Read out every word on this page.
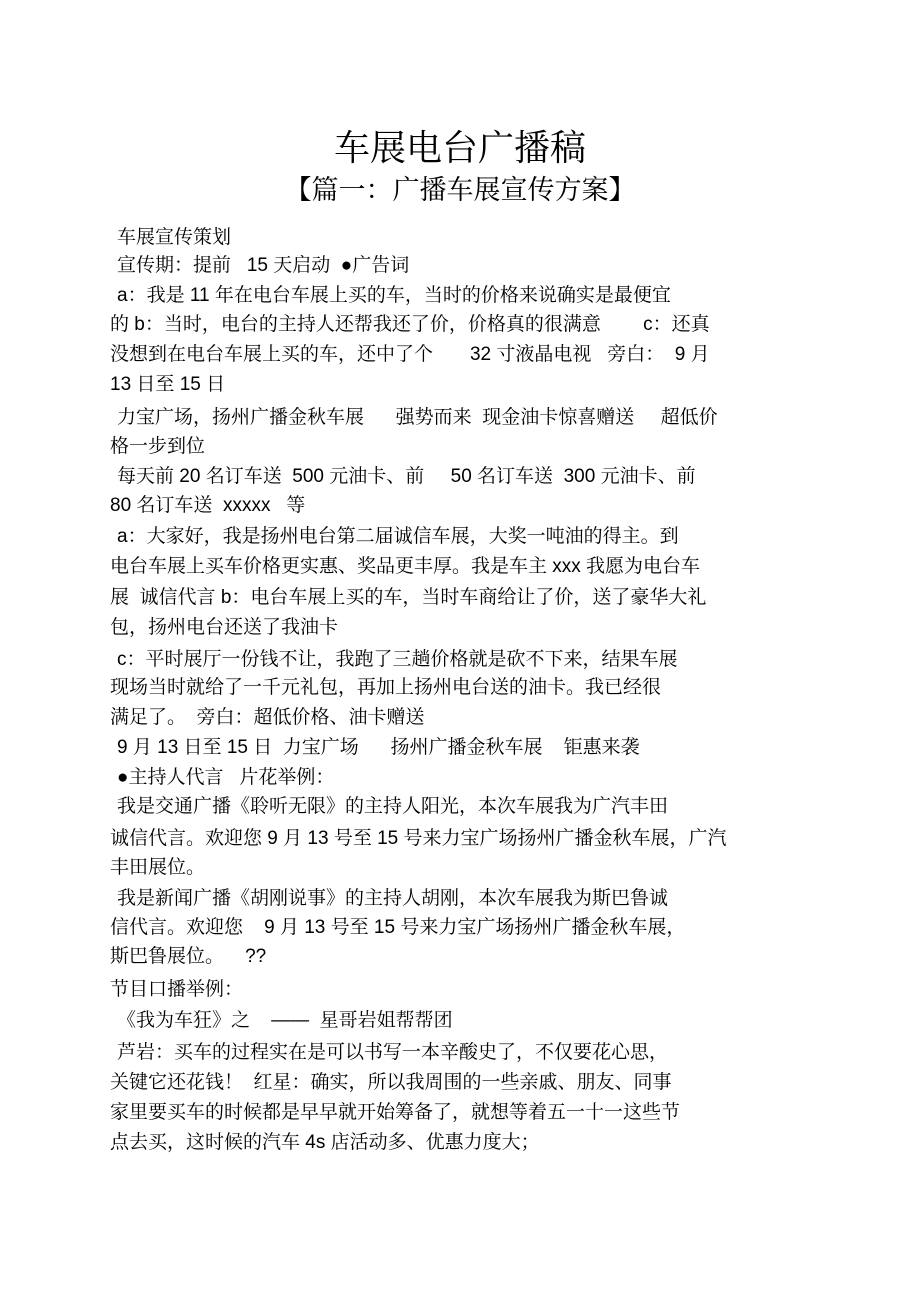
车展电台广播稿
【篇一：广播车展宣传方案】
车展宣传策划
宣传期：提前   15 天启动  ●广告词
a：我是 11 年在电台车展上买的车，当时的价格来说确实是最便宜
的 b：当时，电台的主持人还帮我还了价，价格真的很满意        c：还真
没想到在电台车展上买的车，还中了个       32 寸液晶电视   旁白：  9 月
13 日至 15 日
力宝广场，扬州广播金秋车展      强势而来  现金油卡惊喜赠送     超低价
格一步到位
每天前 20 名订车送  500 元油卡、前     50 名订车送  300 元油卡、前
80 名订车送  xxxxx   等
a：大家好，我是扬州电台第二届诚信车展，大奖一吨油的得主。到
电台车展上买车价格更实惠、奖品更丰厚。我是车主 xxx 我愿为电台车
展  诚信代言 b：电台车展上买的车，当时车商给让了价，送了豪华大礼
包，扬州电台还送了我油卡
c：平时展厅一份钱不让，我跑了三趟价格就是砍不下来，结果车展
现场当时就给了一千元礼包，再加上扬州电台送的油卡。我已经很
满足了。  旁白：超低价格、油卡赠送
9 月 13 日至 15 日  力宝广场      扬州广播金秋车展    钜惠来袭
●主持人代言   片花举例：
我是交通广播《聆听无限》的主持人阳光，本次车展我为广汽丰田
诚信代言。欢迎您 9 月 13 号至 15 号来力宝广场扬州广播金秋车展，广汽
丰田展位。
我是新闻广播《胡刚说事》的主持人胡刚，本次车展我为斯巴鲁诚
信代言。欢迎您    9 月 13 号至 15 号来力宝广场扬州广播金秋车展，
斯巴鲁展位。    ??
节目口播举例：
《我为车狂》之    ——  星哥岩姐帮帮团
芦岩：买车的过程实在是可以书写一本辛酸史了，不仅要花心思，
关键它还花钱！  红星：确实，所以我周围的一些亲戚、朋友、同事
家里要买车的时候都是早早就开始筹备了，就想等着五一十一这些节
点去买，这时候的汽车 4s 店活动多、优惠力度大；
